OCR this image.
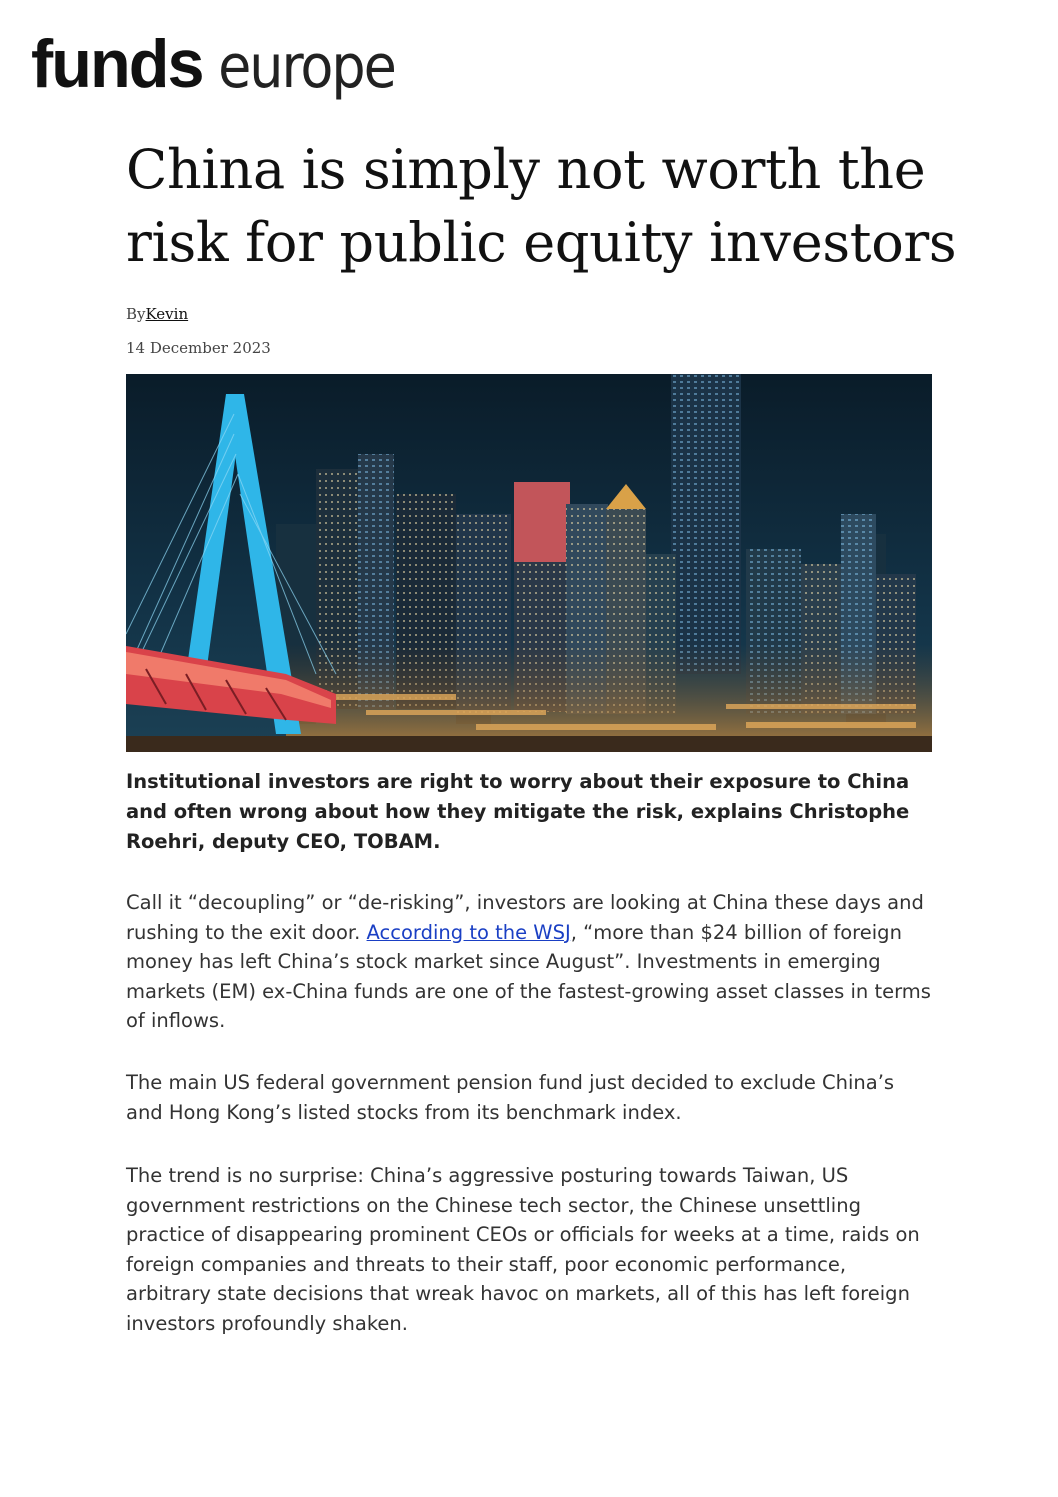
funds europe
China is simply not worth the risk for public equity investors
ByKevin
14 December 2023

Institutional investors are right to worry about their exposure to China and often wrong about how they mitigate the risk, explains Christophe Roehri, deputy CEO, TOBAM.

Call it “decoupling” or “de-risking”, investors are looking at China these days and rushing to the exit door. According to the WSJ, “more than $24 billion of foreign money has left China’s stock market since August”. Investments in emerging markets (EM) ex-China funds are one of the fastest-growing asset classes in terms of inflows.

The main US federal government pension fund just decided to exclude China’s and Hong Kong’s listed stocks from its benchmark index.

The trend is no surprise: China’s aggressive posturing towards Taiwan, US government restrictions on the Chinese tech sector, the Chinese unsettling practice of disappearing prominent CEOs or officials for weeks at a time, raids on foreign companies and threats to their staff, poor economic performance, arbitrary state decisions that wreak havoc on markets, all of this has left foreign investors profoundly shaken.
